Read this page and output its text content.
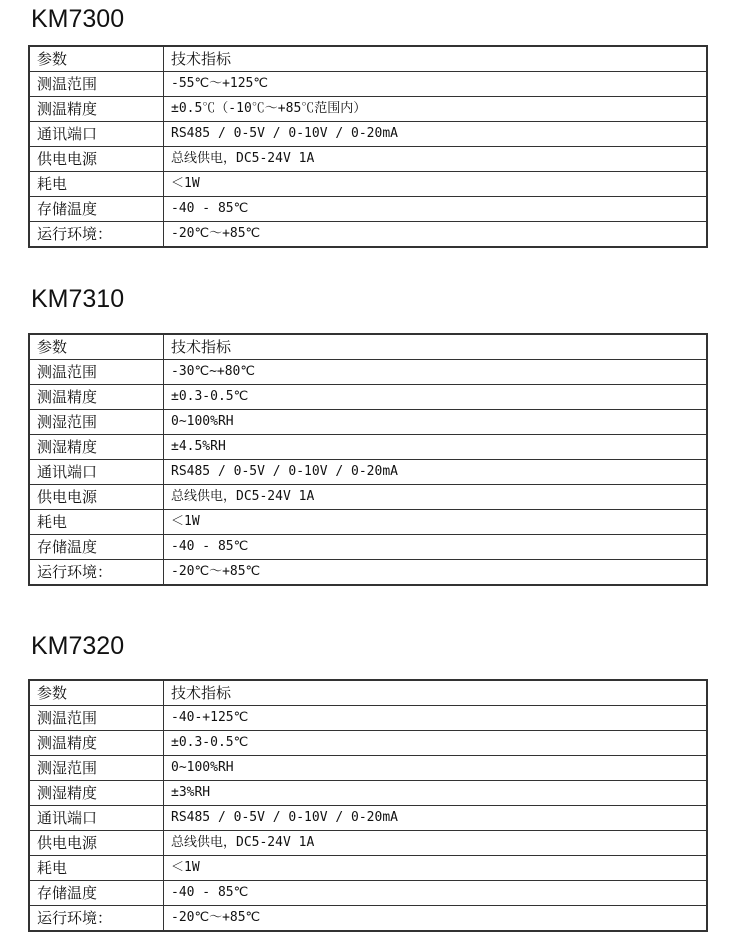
KM7300
参数	技术指标
测温范围	-55℃～+125℃
测温精度	±0.5℃（-10℃～+85℃范围内）
通讯端口	RS485 / 0-5V / 0-10V / 0-20mA
供电电源	总线供电，DC5-24V 1A
耗电	＜1W
存储温度	-40 - 85℃
运行环境：	-20℃～+85℃
KM7310
参数	技术指标
测温范围	-30℃~+80℃
测温精度	±0.3-0.5℃
测湿范围	0~100%RH
测湿精度	±4.5%RH
通讯端口	RS485 / 0-5V / 0-10V / 0-20mA
供电电源	总线供电，DC5-24V 1A
耗电	＜1W
存储温度	-40 - 85℃
运行环境：	-20℃～+85℃
KM7320
参数	技术指标
测温范围	-40-+125℃
测温精度	±0.3-0.5℃
测湿范围	0~100%RH
测湿精度	±3%RH
通讯端口	RS485 / 0-5V / 0-10V / 0-20mA
供电电源	总线供电，DC5-24V 1A
耗电	＜1W
存储温度	-40 - 85℃
运行环境：	-20℃～+85℃
